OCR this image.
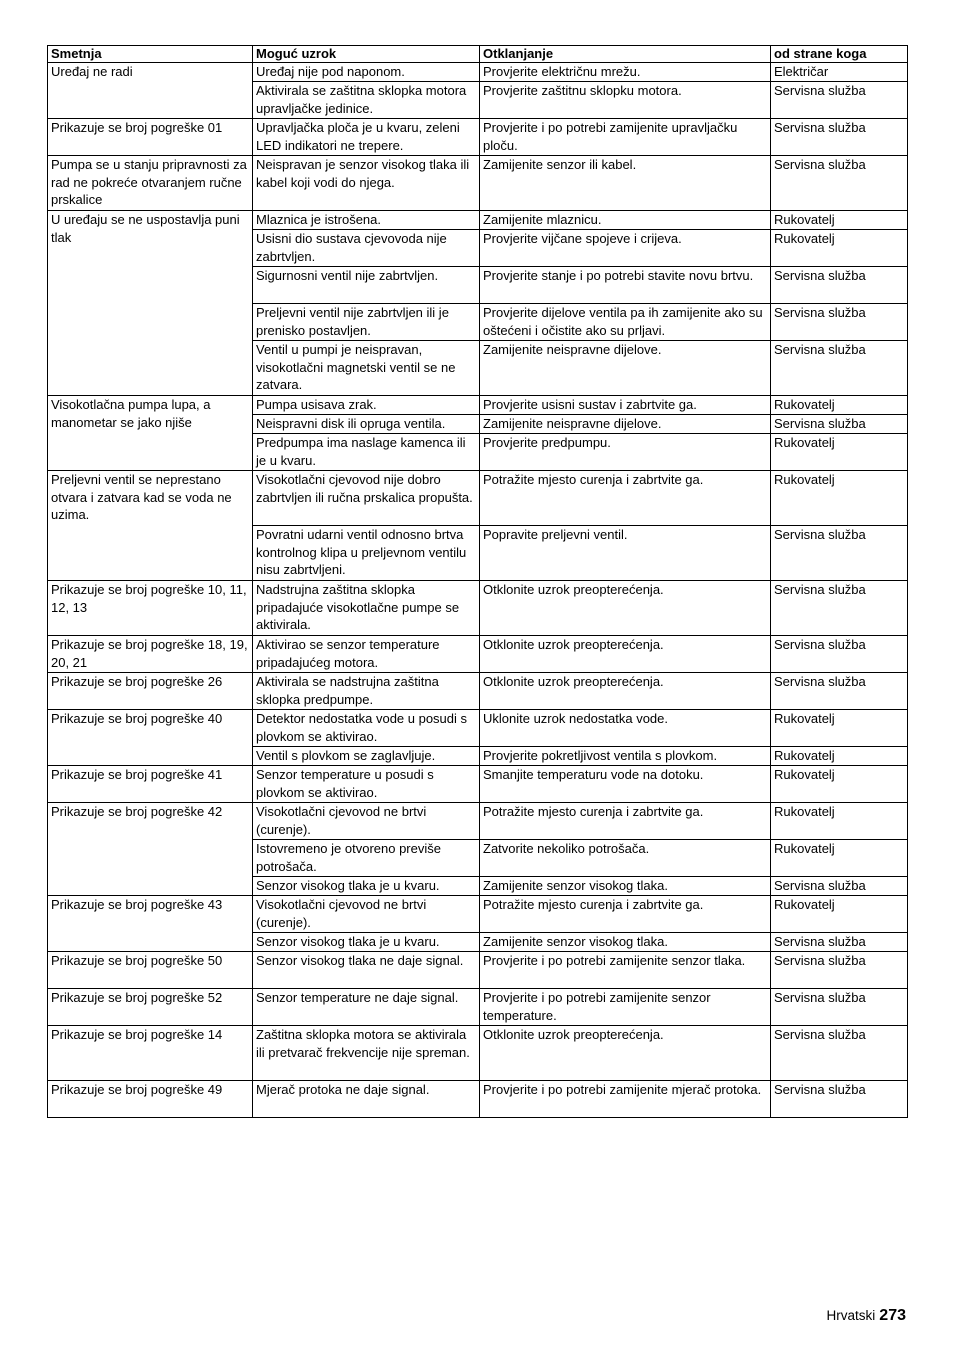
Smetnja	Moguć uzrok	Otklanjanje	od strane koga
Uređaj ne radi	Uređaj nije pod naponom.	Provjerite električnu mrežu.	Električar
	Aktivirala se zaštitna sklopka motora upravljačke jedinice.	Provjerite zaštitnu sklopku motora.	Servisna služba
Prikazuje se broj pogreške 01	Upravljačka ploča je u kvaru, zeleni LED indikatori ne trepere.	Provjerite i po potrebi zamijenite upravljačku ploču.	Servisna služba
Pumpa se u stanju pripravnosti za rad ne pokreće otvaranjem ručne prskalice	Neispravan je senzor visokog tlaka ili kabel koji vodi do njega.	Zamijenite senzor ili kabel.	Servisna služba
U uređaju se ne uspostavlja puni tlak	Mlaznica je istrošena.	Zamijenite mlaznicu.	Rukovatelj
	Usisni dio sustava cjevovoda nije zabrtvljen.	Provjerite vijčane spojeve i crijeva.	Rukovatelj
	Sigurnosni ventil nije zabrtvljen.	Provjerite stanje i po potrebi stavite novu brtvu.	Servisna služba
	Preljevni ventil nije zabrtvljen ili je prenisko postavljen.	Provjerite dijelove ventila pa ih zamijenite ako su oštećeni i očistite ako su prljavi.	Servisna služba
	Ventil u pumpi je neispravan, visokotlačni magnetski ventil se ne zatvara.	Zamijenite neispravne dijelove.	Servisna služba
Visokotlačna pumpa lupa, a manometar se jako njiše	Pumpa usisava zrak.	Provjerite usisni sustav i zabrtvite ga.	Rukovatelj
	Neispravni disk ili opruga ventila.	Zamijenite neispravne dijelove.	Servisna služba
	Predpumpa ima naslage kamenca ili je u kvaru.	Provjerite predpumpu.	Rukovatelj
Preljevni ventil se neprestano otvara i zatvara kad se voda ne uzima.	Visokotlačni cjevovod nije dobro zabrtvljen ili ručna prskalica propušta.	Potražite mjesto curenja i zabrtvite ga.	Rukovatelj
	Povratni udarni ventil odnosno brtva kontrolnog klipa u preljevnom ventilu nisu zabrtvljeni.	Popravite preljevni ventil.	Servisna služba
Prikazuje se broj pogreške 10, 11, 12, 13	Nadstrujna zaštitna sklopka pripadajuće visokotlačne pumpe se aktivirala.	Otklonite uzrok preopterećenja.	Servisna služba
Prikazuje se broj pogreške 18, 19, 20, 21	Aktivirao se senzor temperature pripadajućeg motora.	Otklonite uzrok preopterećenja.	Servisna služba
Prikazuje se broj pogreške 26	Aktivirala se nadstrujna zaštitna sklopka predpumpe.	Otklonite uzrok preopterećenja.	Servisna služba
Prikazuje se broj pogreške 40	Detektor nedostatka vode u posudi s plovkom se aktivirao.	Uklonite uzrok nedostatka vode.	Rukovatelj
	Ventil s plovkom se zaglavljuje.	Provjerite pokretljivost ventila s plovkom.	Rukovatelj
Prikazuje se broj pogreške 41	Senzor temperature u posudi s plovkom se aktivirao.	Smanjite temperaturu vode na dotoku.	Rukovatelj
Prikazuje se broj pogreške 42	Visokotlačni cjevovod ne brtvi (curenje).	Potražite mjesto curenja i zabrtvite ga.	Rukovatelj
	Istovremeno je otvoreno previše potrošača.	Zatvorite nekoliko potrošača.	Rukovatelj
	Senzor visokog tlaka je u kvaru.	Zamijenite senzor visokog tlaka.	Servisna služba
Prikazuje se broj pogreške 43	Visokotlačni cjevovod ne brtvi (curenje).	Potražite mjesto curenja i zabrtvite ga.	Rukovatelj
	Senzor visokog tlaka je u kvaru.	Zamijenite senzor visokog tlaka.	Servisna služba
Prikazuje se broj pogreške 50	Senzor visokog tlaka ne daje signal.	Provjerite i po potrebi zamijenite senzor tlaka.	Servisna služba
Prikazuje se broj pogreške 52	Senzor temperature ne daje signal.	Provjerite i po potrebi zamijenite senzor temperature.	Servisna služba
Prikazuje se broj pogreške 14	Zaštitna sklopka motora se aktivirala ili pretvarač frekvencije nije spreman.	Otklonite uzrok preopterećenja.	Servisna služba
Prikazuje se broj pogreške 49	Mjerač protoka ne daje signal.	Provjerite i po potrebi zamijenite mjerač protoka.	Servisna služba
Hrvatski 273
